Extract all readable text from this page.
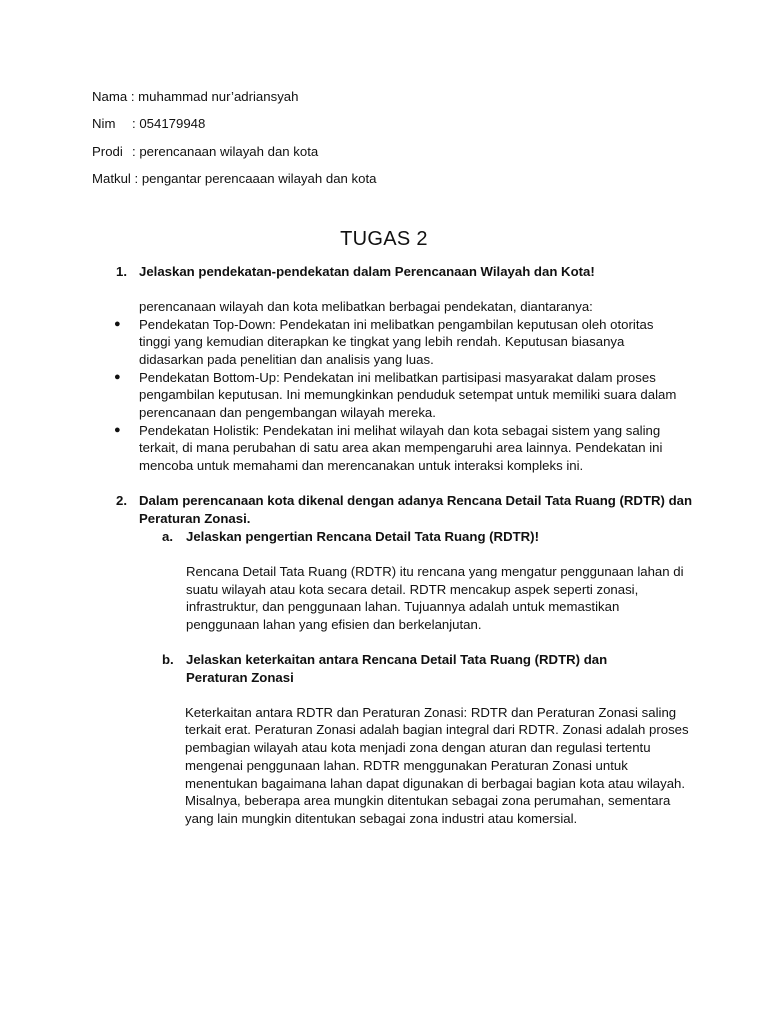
Nama : muhammad nur’adriansyah
Nim : 054179948
Prodi : perencanaan wilayah dan kota
Matkul : pengantar perencaaan wilayah dan kota
TUGAS 2
1. Jelaskan pendekatan-pendekatan dalam Perencanaan Wilayah dan Kota!
perencanaan wilayah dan kota melibatkan berbagai pendekatan, diantaranya:
● Pendekatan Top-Down: Pendekatan ini melibatkan pengambilan keputusan oleh otoritas
tinggi yang kemudian diterapkan ke tingkat yang lebih rendah. Keputusan biasanya
didasarkan pada penelitian dan analisis yang luas.
● Pendekatan Bottom-Up: Pendekatan ini melibatkan partisipasi masyarakat dalam proses
pengambilan keputusan. Ini memungkinkan penduduk setempat untuk memiliki suara dalam
perencanaan dan pengembangan wilayah mereka.
● Pendekatan Holistik: Pendekatan ini melihat wilayah dan kota sebagai sistem yang saling
terkait, di mana perubahan di satu area akan mempengaruhi area lainnya. Pendekatan ini
mencoba untuk memahami dan merencanakan untuk interaksi kompleks ini.
2. Dalam perencanaan kota dikenal dengan adanya Rencana Detail Tata Ruang (RDTR) dan
Peraturan Zonasi.
a. Jelaskan pengertian Rencana Detail Tata Ruang (RDTR)!
Rencana Detail Tata Ruang (RDTR) itu rencana yang mengatur penggunaan lahan di
suatu wilayah atau kota secara detail. RDTR mencakup aspek seperti zonasi,
infrastruktur, dan penggunaan lahan. Tujuannya adalah untuk memastikan
penggunaan lahan yang efisien dan berkelanjutan.
b. Jelaskan keterkaitan antara Rencana Detail Tata Ruang (RDTR) dan
Peraturan Zonasi
Keterkaitan antara RDTR dan Peraturan Zonasi: RDTR dan Peraturan Zonasi saling
terkait erat. Peraturan Zonasi adalah bagian integral dari RDTR. Zonasi adalah proses
pembagian wilayah atau kota menjadi zona dengan aturan dan regulasi tertentu
mengenai penggunaan lahan. RDTR menggunakan Peraturan Zonasi untuk
menentukan bagaimana lahan dapat digunakan di berbagai bagian kota atau wilayah.
Misalnya, beberapa area mungkin ditentukan sebagai zona perumahan, sementara
yang lain mungkin ditentukan sebagai zona industri atau komersial.
